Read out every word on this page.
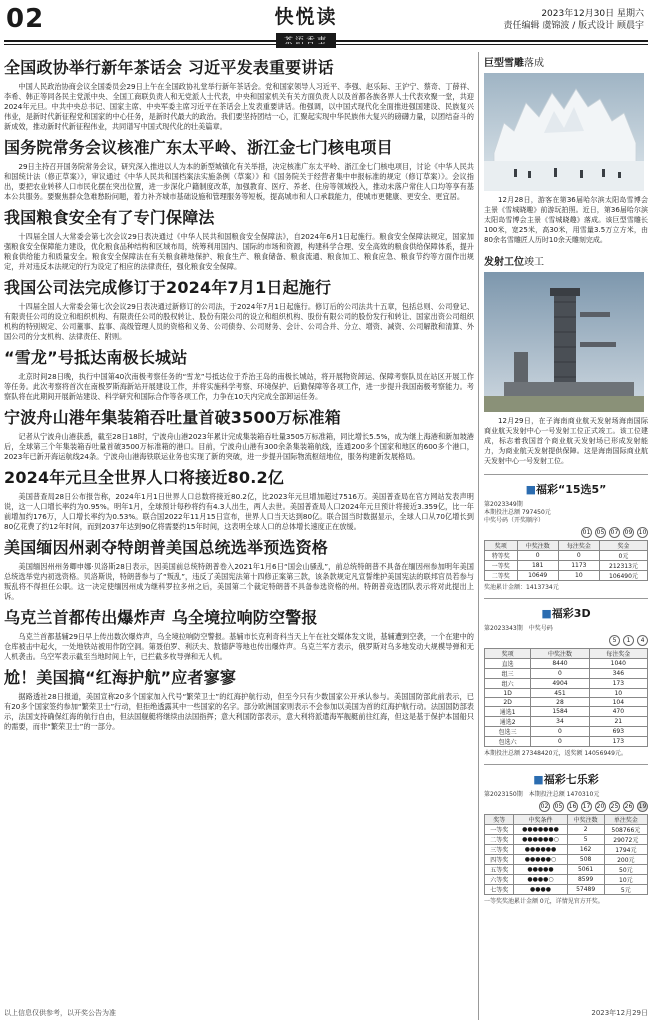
02	快悦读
茶语香事
2023年12月30日 星期六
责任编辑 虞锦波 / 版式设计 顾晨宇
全国政协举行新年茶话会 习近平发表重要讲话
中国人民政治协商会议全国委员会29日上午在全国政协礼堂举行新年茶话会。党和国家领导人习近平、李强、赵乐际、王沪宁、蔡奇、丁薛祥、李希、韩正等同各民主党派中央、全国工商联负责人和无党派人士代表，中央和国家机关有关方面负责人以及首都各族各界人士代表欢聚一堂，共迎2024年元旦。中共中央总书记、国家主席、中央军委主席习近平在茶话会上发表重要讲话。他强调，以中国式现代化全面推进强国建设、民族复兴伟业，是新时代新征程党和国家的中心任务，是新时代最大的政治。我们要坚持团结一心，汇聚起实现中华民族伟大复兴的磅礴力量，以团结奋斗的新成效，推动新时代新征程伟业，共同谱写中国式现代化的壮美篇章。
国务院常务会议核准广东太平岭、浙江金七门核电项目
29日主持召开国务院常务会议，研究深入推进以人为本的新型城镇化有关举措，决定核准广东太平岭、浙江金七门核电项目，讨论《中华人民共和国统计法（修正草案）》，审议通过《中华人民共和国档案法实施条例（草案）》和《国务院关于经营者集中申报标准的规定（修订草案）》。会议指出，要把农业转移人口市民化摆在突出位置，进一步深化户籍制度改革，加强教育、医疗、养老、住房等领域投入，推动未落户常住人口均等享有基本公共服务。要聚焦群众急难愁盼问题，着力补齐城市基础设施和管理服务等短板，提高城市和人口承载能力，使城市更健康、更安全、更宜居。
我国粮食安全有了专门保障法
十四届全国人大常委会第七次会议29日表决通过《中华人民共和国粮食安全保障法》，自2024年6月1日起施行。粮食安全保障法规定，国家加强粮食安全保障能力建设，优化粮食品种结构和区域布局，统筹利用国内、国际的市场和资源，构建科学合理、安全高效的粮食供给保障体系，提升粮食供给能力和质量安全。粮食安全保障法在有关粮食耕地保护、粮食生产、粮食储备、粮食流通、粮食加工、粮食应急、粮食节约等方面作出规定，并对违反本法规定的行为设定了相应的法律责任，强化粮食安全保障。
我国公司法完成修订于2024年7月1日起施行
十四届全国人大常委会第七次会议29日表决通过新修订的公司法，于2024年7月1日起施行。修订后的公司法共十五章，包括总则、公司登记、有限责任公司的设立和组织机构、有限责任公司的股权转让、股份有限公司的设立和组织机构、股份有限公司的股份发行和转让、国家出资公司组织机构的特别规定、公司董事、监事、高级管理人员的资格和义务、公司债券、公司财务、会计、公司合并、分立、增资、减资、公司解散和清算、外国公司的分支机构、法律责任、附则。
“雪龙”号抵达南极长城站
北京时间28日晚，执行中国第40次南极考察任务的“雪龙”号抵达位于乔治王岛的南极长城站，将开展物资卸运、保障考察队员在站区开展工作等任务。此次考察将首次在南极罗斯海新站开展建设工作，并将实施科学考察、环境保护、后勤保障等各项工作，进一步提升我国南极考察能力。考察队将在此期间开展新站建设、科学研究和国际合作等各项工作，力争在10天内完成全部卸运任务。
宁波舟山港年集装箱吞吐量首破3500万标准箱
记者从宁波舟山港获悉，截至28日18时，宁波舟山港2023年累计完成集装箱吞吐量3505万标准箱，同比增长5.5%，成为继上海港和新加坡港后，全球第三个年集装箱吞吐量首破3500万标准箱的港口。目前，宁波舟山港有300余条集装箱航线，连通200多个国家和地区的600多个港口，2023年已新开海运航线24条。宁波舟山港海铁联运业务也实现了新的突破，进一步提升国际物流枢纽地位，服务构建新发展格局。
2024年元旦全世界人口将接近80.2亿
美国普查局28日公布报告称，2024年1月1日世界人口总数将接近80.2亿，比2023年元旦增加超过7516万。美国普查局在官方网站发表声明说，这一人口增长率约为0.95%。明年1月，全球预计每秒将约有4.3人出生，两人去世。美国普查局人口2024年元旦预计将接近3.359亿，比一年前增加约176万，人口增长率约为0.53%。联合国2022年11月15日宣布，世界人口当天达到80亿。联合国当时数据显示，全球人口从70亿增长到80亿花费了约12年时间，而到2037年达到90亿将需要约15年时间，这表明全球人口的总体增长速度正在放缓。
美国缅因州剥夺特朗普美国总统选举预选资格
美国缅因州州务卿申娜·贝洛斯28日表示，因美国前总统特朗普卷入2021年1月6日“国会山骚乱”，前总统特朗普不具备在缅因州参加明年美国总统选举党内初选资格。贝洛斯说，特朗普参与了“叛乱”，违反了美国宪法第十四修正案第三款，该条款规定凡宣誓维护美国宪法的联邦官员若参与叛乱将不得担任公职。这一决定使缅因州成为继科罗拉多州之后，美国第二个裁定特朗普不具备参选资格的州。特朗普竞选团队表示将对此提出上诉。
乌克兰首都传出爆炸声 乌全境拉响防空警报
乌克兰首都基辅29日早上传出数次爆炸声，乌全境拉响防空警报。基辅市长克利奇科当天上午在社交媒体发文说，基辅遭到空袭，一个在建中的仓库被击中起火，一处地铁站被用作防空洞。第聂伯罗、利沃夫、敖德萨等地也传出爆炸声。乌克兰军方表示，俄罗斯对乌多地发动大规模导弹和无人机袭击。乌空军表示截至当地时间上午，已拦截多枚导弹和无人机。
尬！美国搞“红海护航”应者寥寥
据路透社28日报道，美国宣称20多个国家加入代号“繁荣卫士”的红海护航行动，但至今只有少数国家公开承认参与。美国国防部此前表示，已有20多个国家签约参加“繁荣卫士”行动，但拒绝透露其中一些国家的名字。部分欧洲国家则表示不会参加以美国为首的红海护航行动。法国国防部表示，法国支持确保红海的航行自由，但法国舰艇将继续由法国指挥；意大利国防部表示，意大利将派遣海军舰艇前往红海，但这是基于保护本国船只的需要，而非“繁荣卫士”的一部分。
巨型雪雕落成
12月28日，游客在第36届哈尔滨太阳岛雪博会主景《雪城晓趣》前游玩拍照。近日，第36届哈尔滨太阳岛雪博会主景《雪城晓趣》落成。该巨型雪雕长100米，宽25米，高30米，用雪量3.5万立方米，由80余名雪雕匠人历时10余天雕刻完成。
发射工位竣工
12月29日，在子海南商业航天发射场海南国际商业航天发射中心一号发射工位正式竣工。该工位建成，标志着我国首个商业航天发射场已形成发射能力，为商业航天发射提供保障。这是海南国际商业航天发射中心一号发射工位。
■福彩“15选5”
第2023349期
本期投注总额 797450元
中奖号码（开奖顺序）
01 05 07 09 10
奖项	中奖注数	每注奖金	奖金
特等奖	0	0	0元
一等奖	181	1173	212313元
二等奖	10649	10	106490元
奖池累计金额：1413734元
■福彩3D
第2023343期　 中奖号码
5	1	4
奖项	中奖注数	每注奖金
直选	8440	1040
组三	0	346
组六	4904	173
1D	451	10
2D	28	104
通选1	1584	470
通选2	34	21
包选三	0	693
包选六	0	173
本期投注总额 27348420元，返奖额 14056949元。
■福彩七乐彩
第2023150期　 本期投注总额 1470310元
02 05 16 17 20 25 26 19
奖等	中奖条件	中奖注数	单注奖金
一等奖	●●●●●●●	2	508766元
二等奖	●●●●●●○	5	29072元
三等奖	●●●●●●	162	1794元
四等奖	●●●●●○	508	200元
五等奖	●●●●●	5061	50元
六等奖	●●●●○	8599	10元
七等奖	●●●●	57489	5元
一等奖奖池累计金额 0元，详情见官方开奖。
以上信息仅供参考，以开奖公告为准	2023年12月29日
